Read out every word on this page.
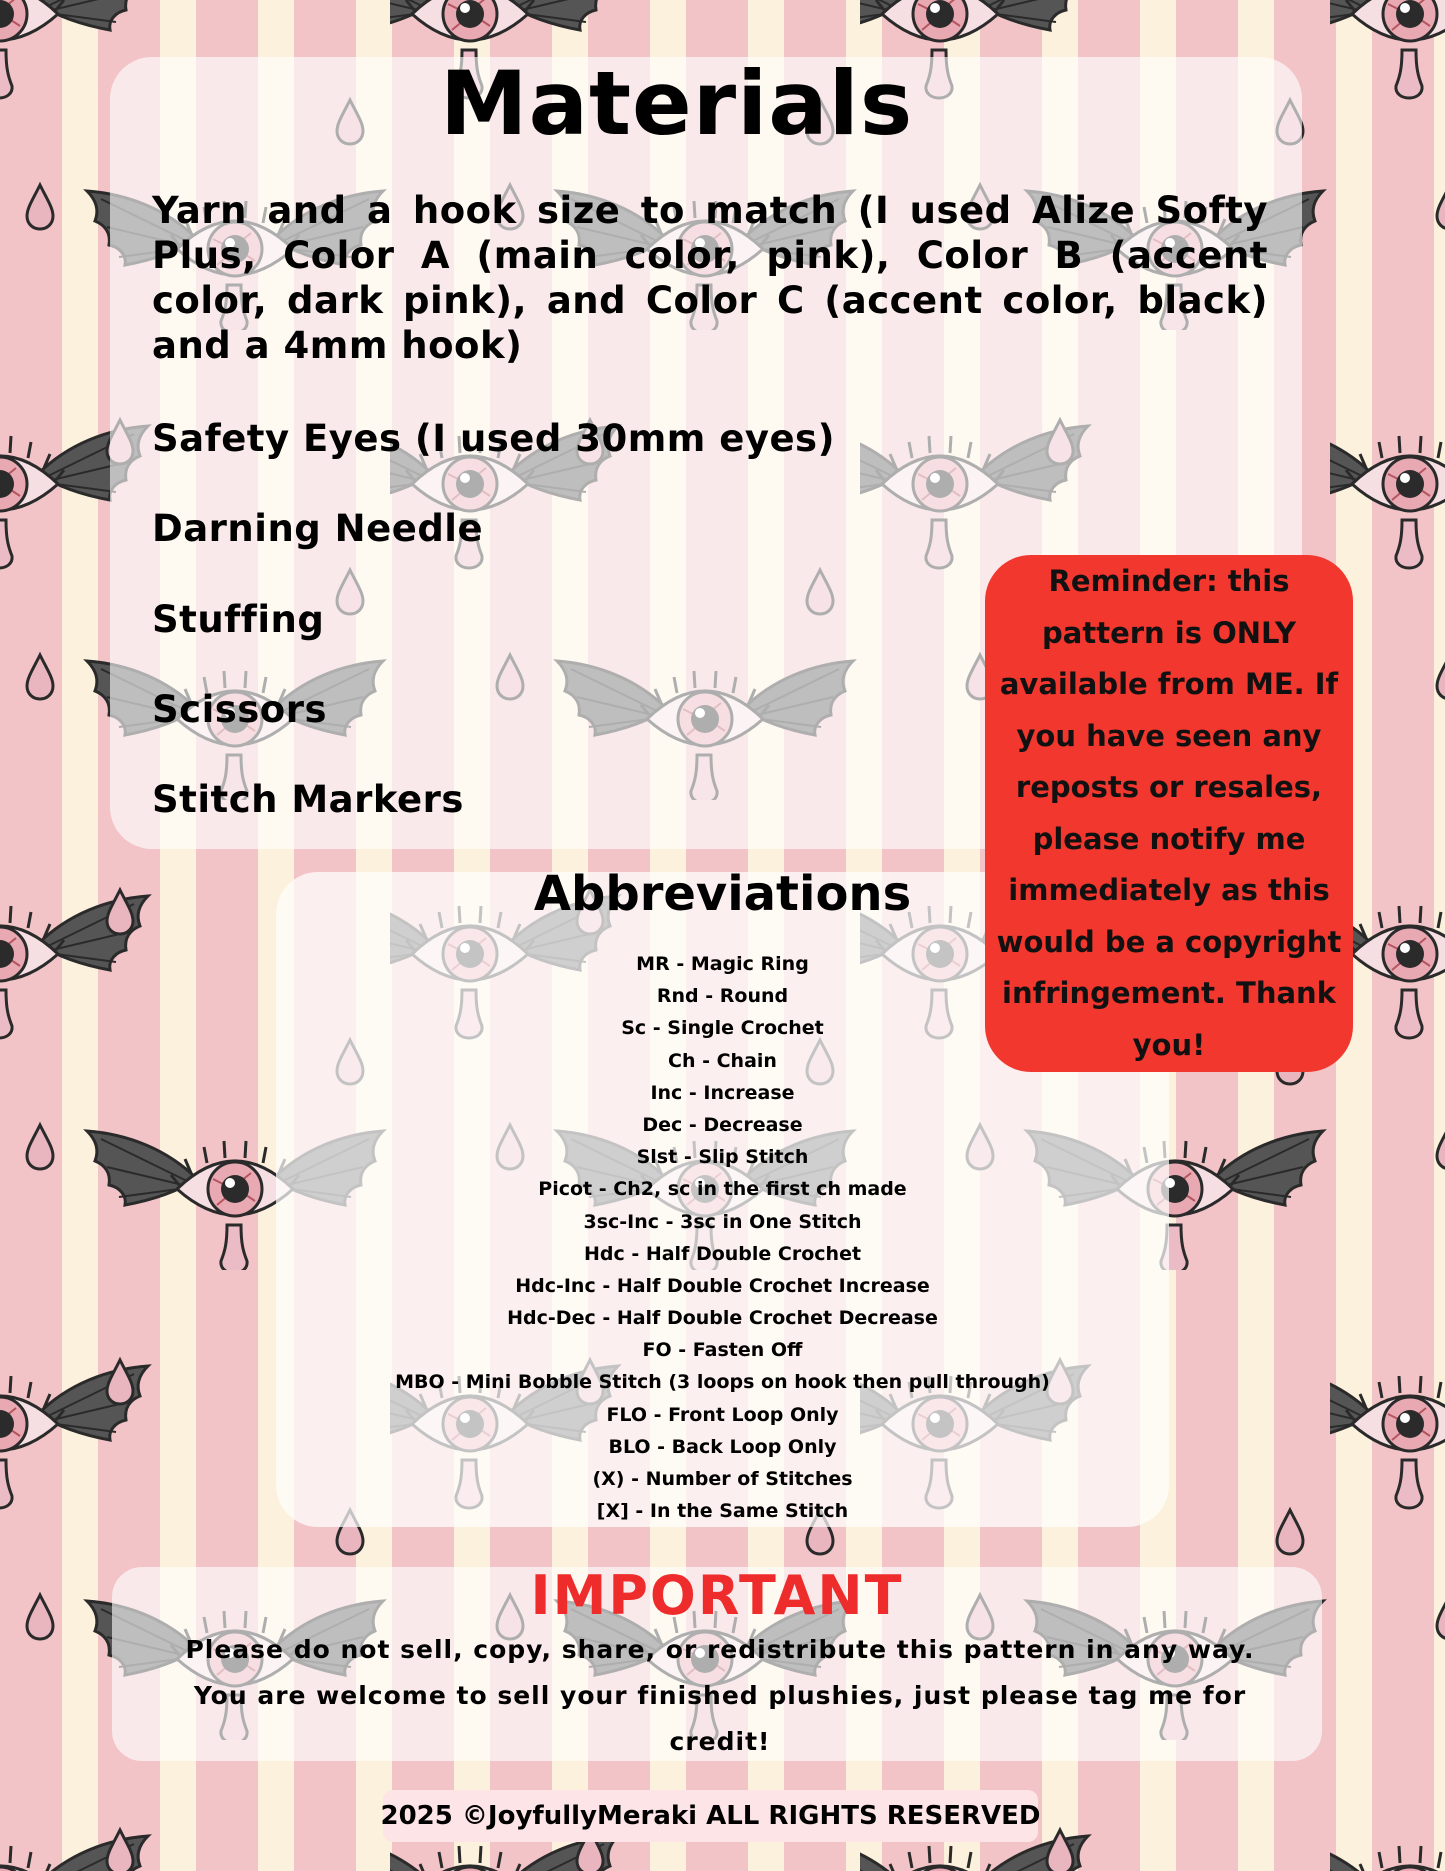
Materials

Yarn and a hook size to match (I used Alize Softy Plus, Color A (main color, pink), Color B (accent color, dark pink), and Color C (accent color, black) and a 4mm hook)

Safety Eyes (I used 30mm eyes)

Darning Needle

Stuffing

Scissors

Stitch Markers

Reminder: this pattern is ONLY available from ME. If you have seen any reposts or resales, please notify me immediately as this would be a copyright infringement. Thank you!
Abbreviations
MR - Magic Ring
Rnd - Round
Sc - Single Crochet
Ch - Chain
Inc - Increase
Dec - Decrease
Slst - Slip Stitch
Picot - Ch2, sc in the first ch made
3sc-Inc - 3sc in One Stitch
Hdc - Half Double Crochet
Hdc-Inc - Half Double Crochet Increase
Hdc-Dec - Half Double Crochet Decrease
FO - Fasten Off
MBO - Mini Bobble Stitch (3 loops on hook then pull through)
FLO - Front Loop Only
BLO - Back Loop Only
(X) - Number of Stitches
[X] - In the Same Stitch
IMPORTANT

Please do not sell, copy, share, or redistribute this pattern in any way. You are welcome to sell your finished plushies, just please tag me for credit!

2025 ©JoyfullyMeraki ALL RIGHTS RESERVED
